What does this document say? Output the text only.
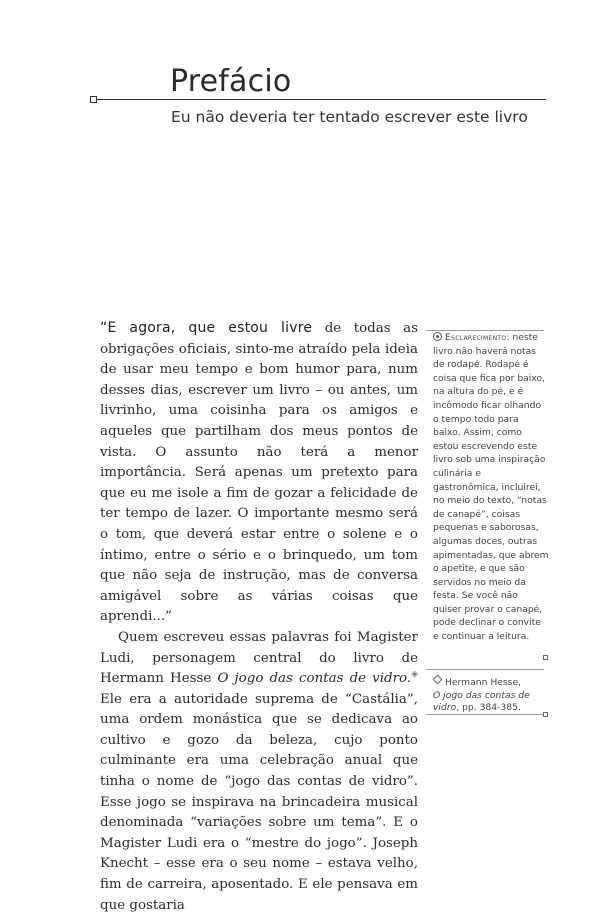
Prefácio
Eu não deveria ter tentado escrever este livro

“E agora, que estou livre de todas as obrigações oficiais, sinto-me atraído pela ideia de usar meu tempo e bom humor para, num desses dias, escrever um livro – ou antes, um livrinho, uma coisinha para os amigos e aqueles que partilham dos meus pontos de vista. O assunto não terá a menor importância. Será apenas um pretexto para que eu me isole a fim de gozar a felicidade de ter tempo de lazer. O importante mesmo será o tom, que deverá estar entre o solene e o íntimo, entre o sério e o brinquedo, um tom que não seja de instrução, mas de conversa amigável sobre as várias coisas que aprendi...”

Quem escreveu essas palavras foi Magister Ludi, personagem central do livro de Hermann Hesse O jogo das contas de vidro.◈ Ele era a autoridade suprema de “Castália”, uma ordem monástica que se dedicava ao cultivo e gozo da beleza, cujo ponto culminante era uma celebração anual que tinha o nome de “jogo das contas de vidro”. Esse jogo se inspirava na brincadeira musical denominada “variações sobre um tema”. E o Magister Ludi era o “mestre do jogo”. Joseph Knecht – esse era o seu nome – estava velho, fim de carreira, aposentado. E ele pensava em que gostaria

Esclarecimento: neste livro não haverá notas de rodapé. Rodapé é coisa que fica por baixo, na altura do pé, e é incômodo ficar olhando o tempo todo para baixo. Assim, como estou escrevendo este livro sob uma inspiração culinária e gastronômica, incluirei, no meio do texto, “notas de canapé”, coisas pequenas e saborosas, algumas doces, outras apimentadas, que abrem o apetite, e que são servidos no meio da festa. Se você não quiser provar o canapé, pode declinar o convite e continuar a leitura.

Hermann Hesse,

O jogo das contas de vidro, pp. 384-385.
